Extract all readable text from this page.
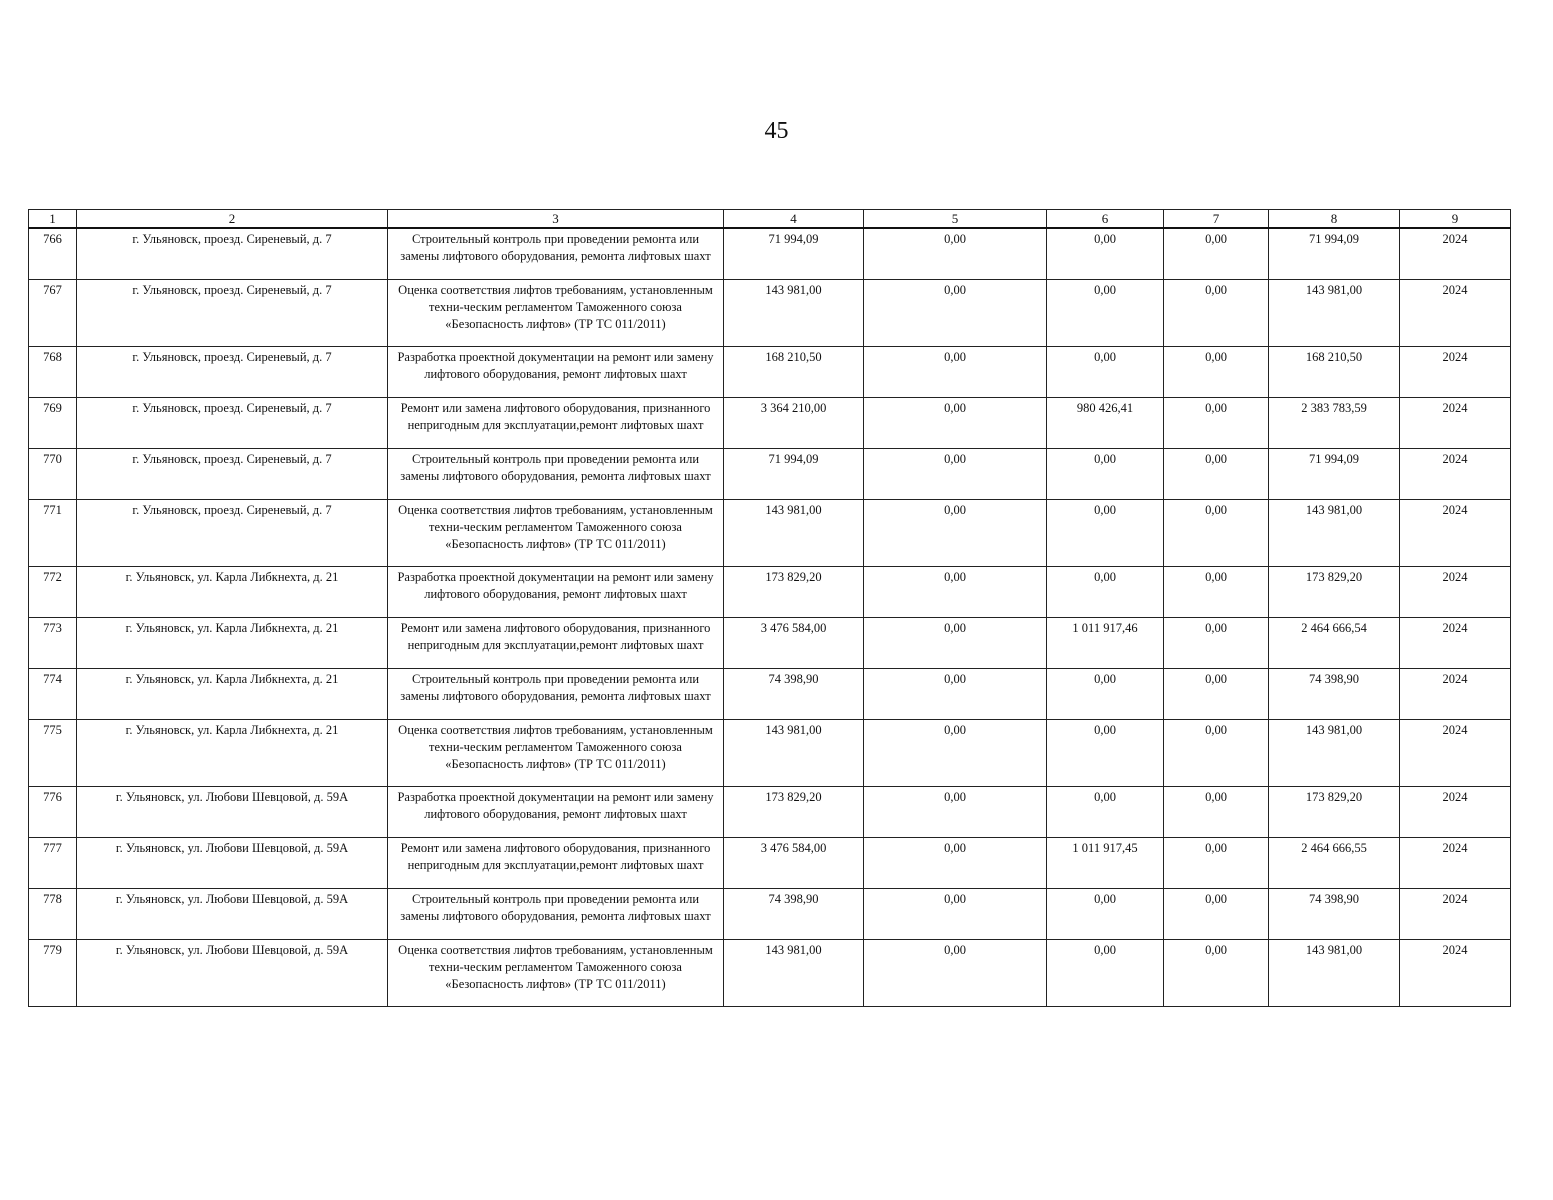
45
1	2	3	4	5	6	7	8	9
766	г. Ульяновск, проезд. Сиреневый, д. 7	Строительный контроль при проведении ремонта или замены лифтового оборудования, ремонта лифтовых шахт	71 994,09	0,00	0,00	0,00	71 994,09	2024
767	г. Ульяновск, проезд. Сиреневый, д. 7	Оценка соответствия лифтов требованиям, установленным техни-ческим регламентом Таможенного союза «Безопасность лифтов» (ТР ТС 011/2011)	143 981,00	0,00	0,00	0,00	143 981,00	2024
768	г. Ульяновск, проезд. Сиреневый, д. 7	Разработка проектной документации на ремонт или замену лифтового оборудования, ремонт лифтовых шахт	168 210,50	0,00	0,00	0,00	168 210,50	2024
769	г. Ульяновск, проезд. Сиреневый, д. 7	Ремонт или замена лифтового оборудования, признанного непригодным для эксплуатации,ремонт лифтовых шахт	3 364 210,00	0,00	980 426,41	0,00	2 383 783,59	2024
770	г. Ульяновск, проезд. Сиреневый, д. 7	Строительный контроль при проведении ремонта или замены лифтового оборудования, ремонта лифтовых шахт	71 994,09	0,00	0,00	0,00	71 994,09	2024
771	г. Ульяновск, проезд. Сиреневый, д. 7	Оценка соответствия лифтов требованиям, установленным техни-ческим регламентом Таможенного союза «Безопасность лифтов» (ТР ТС 011/2011)	143 981,00	0,00	0,00	0,00	143 981,00	2024
772	г. Ульяновск, ул. Карла Либкнехта, д. 21	Разработка проектной документации на ремонт или замену лифтового оборудования, ремонт лифтовых шахт	173 829,20	0,00	0,00	0,00	173 829,20	2024
773	г. Ульяновск, ул. Карла Либкнехта, д. 21	Ремонт или замена лифтового оборудования, признанного непригодным для эксплуатации,ремонт лифтовых шахт	3 476 584,00	0,00	1 011 917,46	0,00	2 464 666,54	2024
774	г. Ульяновск, ул. Карла Либкнехта, д. 21	Строительный контроль при проведении ремонта или замены лифтового оборудования, ремонта лифтовых шахт	74 398,90	0,00	0,00	0,00	74 398,90	2024
775	г. Ульяновск, ул. Карла Либкнехта, д. 21	Оценка соответствия лифтов требованиям, установленным техни-ческим регламентом Таможенного союза «Безопасность лифтов» (ТР ТС 011/2011)	143 981,00	0,00	0,00	0,00	143 981,00	2024
776	г. Ульяновск, ул. Любови Шевцовой, д. 59А	Разработка проектной документации на ремонт или замену лифтового оборудования, ремонт лифтовых шахт	173 829,20	0,00	0,00	0,00	173 829,20	2024
777	г. Ульяновск, ул. Любови Шевцовой, д. 59А	Ремонт или замена лифтового оборудования, признанного непригодным для эксплуатации,ремонт лифтовых шахт	3 476 584,00	0,00	1 011 917,45	0,00	2 464 666,55	2024
778	г. Ульяновск, ул. Любови Шевцовой, д. 59А	Строительный контроль при проведении ремонта или замены лифтового оборудования, ремонта лифтовых шахт	74 398,90	0,00	0,00	0,00	74 398,90	2024
779	г. Ульяновск, ул. Любови Шевцовой, д. 59А	Оценка соответствия лифтов требованиям, установленным техни-ческим регламентом Таможенного союза «Безопасность лифтов» (ТР ТС 011/2011)	143 981,00	0,00	0,00	0,00	143 981,00	2024
